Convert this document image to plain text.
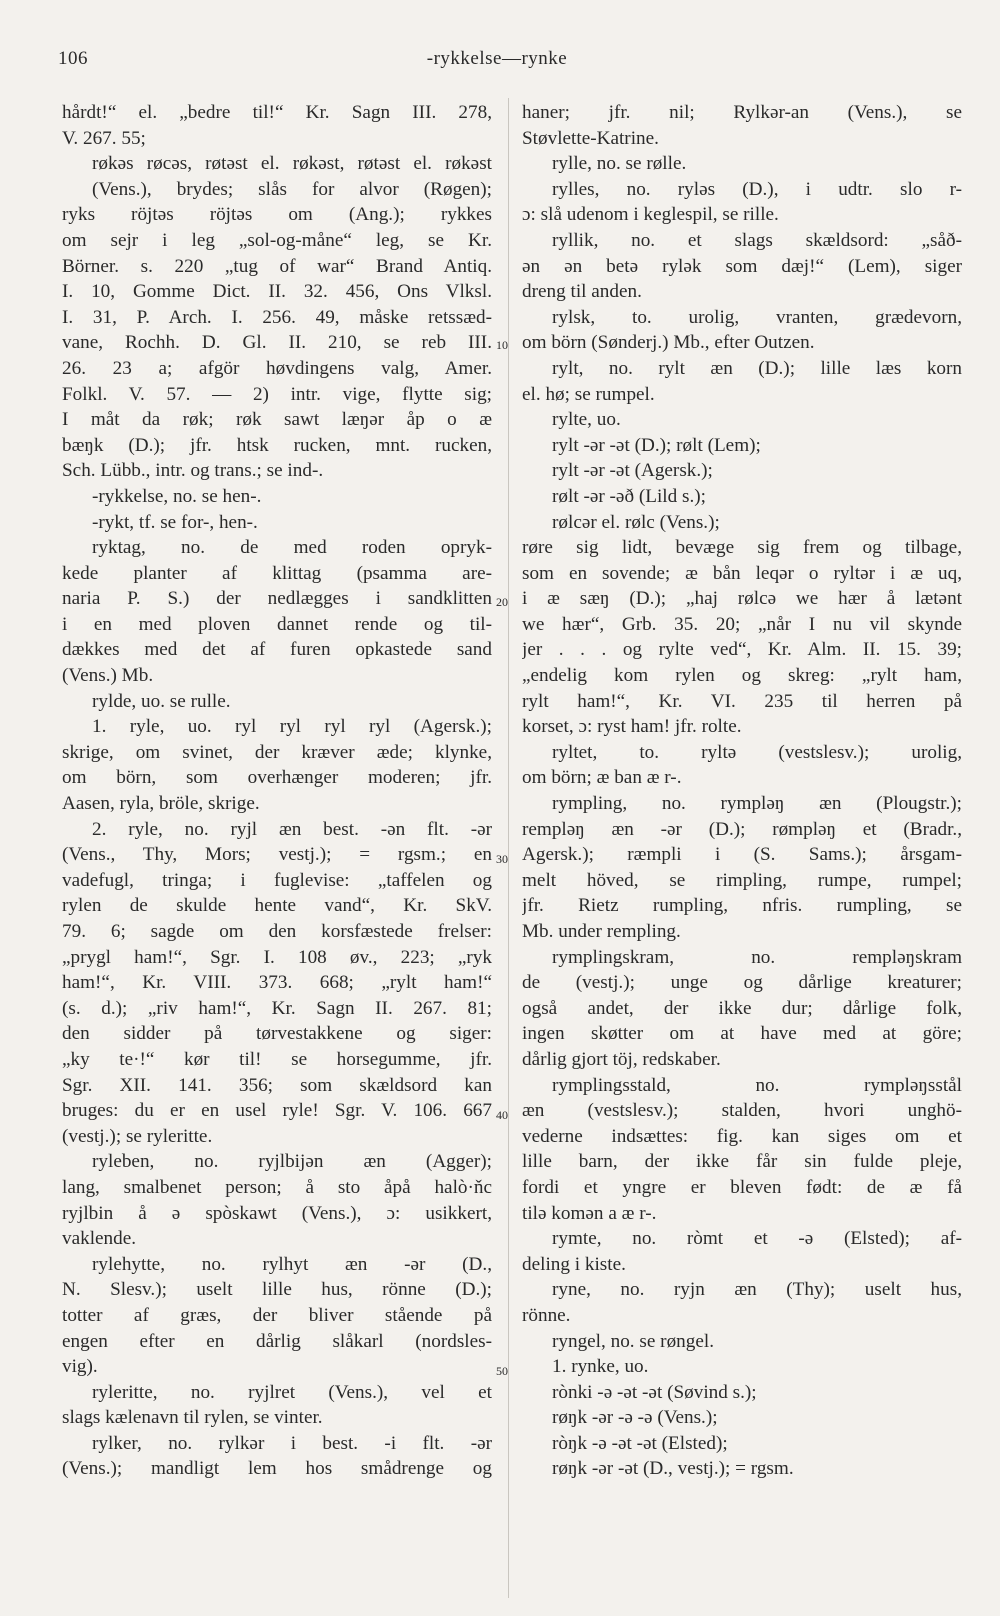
106	-rykkelse—rynke
10
20
30
40
50
hårdt!“ el. „bedre til!“ Kr. Sagn III. 278,
V. 267. 55;
røkəs røcəs, røtəst el. røkəst, røtəst el. røkəst
(Vens.), brydes; slås for alvor (Røgen);
ryks röjtəs röjtəs om (Ang.); rykkes
om sejr i leg „sol-og-måne“ leg, se Kr.
Börner. s. 220 „tug of war“ Brand Antiq.
I. 10, Gomme Dict. II. 32. 456, Ons Vlksl.
I. 31, P. Arch. I. 256. 49, måske retssæd-
vane, Rochh. D. Gl. II. 210, se reb III.
26. 23 a; afgör høvdingens valg, Amer.
Folkl. V. 57. — 2) intr. vige, flytte sig;
I måt da røk; røk sawt læŋər åp o æ
bæŋk (D.); jfr. htsk rucken, mnt. rucken,
Sch. Lübb., intr. og trans.; se ind-.
-rykkelse, no. se hen-.
-rykt, tf. se for-, hen-.
ryktag, no. de med roden opryk-
kede planter af klittag (psamma are-
naria P. S.) der nedlægges i sandklitten
i en med ploven dannet rende og til-
dækkes med det af furen opkastede sand
(Vens.) Mb.
rylde, uo. se rulle.
1. ryle, uo. ryl ryl ryl ryl (Agersk.);
skrige, om svinet, der kræver æde; klynke,
om börn, som overhænger moderen; jfr.
Aasen, ryla, bröle, skrige.
2. ryle, no. ryjl æn best. -ən flt. -ər
(Vens., Thy, Mors; vestj.); = rgsm.; en
vadefugl, tringa; i fuglevise: „taffelen og
rylen de skulde hente vand“, Kr. SkV.
79. 6; sagde om den korsfæstede frelser:
„prygl ham!“, Sgr. I. 108 øv., 223; „ryk
ham!“, Kr. VIII. 373. 668; „rylt ham!“
(s. d.); „riv ham!“, Kr. Sagn II. 267. 81;
den sidder på tørvestakkene og siger:
„ky te·!“ kør til! se horsegumme, jfr.
Sgr. XII. 141. 356; som skældsord kan
bruges: du er en usel ryle! Sgr. V. 106. 667
(vestj.); se ryleritte.
ryleben, no. ryjlbijən æn (Agger);
lang, smalbenet person; å sto åpå halò·ňc
ryjlbin å ə spòskawt (Vens.), ɔ: usikkert,
vaklende.
rylehytte, no. rylhyt æn -ər (D.,
N. Slesv.); uselt lille hus, rönne (D.);
totter af græs, der bliver stående på
engen efter en dårlig slåkarl (nordsles-
vig).
ryleritte, no. ryjlret (Vens.), vel et
slags kælenavn til rylen, se vinter.
rylker, no. rylkər i best. -i flt. -ər
(Vens.); mandligt lem hos smådrenge og
haner; jfr. nil; Rylkər-an (Vens.), se
Støvlette-Katrine.
rylle, no. se rølle.
rylles, no. ryləs (D.), i udtr. slo r-
ɔ: slå udenom i keglespil, se rille.
ryllik, no. et slags skældsord: „såð-
ən ən betə rylək som dæj!“ (Lem), siger
dreng til anden.
rylsk, to. urolig, vranten, grædevorn,
om börn (Sønderj.) Mb., efter Outzen.
rylt, no. rylt æn (D.); lille læs korn
el. hø; se rumpel.
rylte, uo.
rylt -ər -ət (D.); rølt (Lem);
rylt -ər -ət (Agersk.);
rølt -ər -əð (Lild s.);
rølcər el. rølc (Vens.);
røre sig lidt, bevæge sig frem og tilbage,
som en sovende; æ bån leqər o ryltər i æ uq,
i æ sæŋ (D.); „haj rølcə we hær å lætənt
we hær“, Grb. 35. 20; „når I nu vil skynde
jer . . . og rylte ved“, Kr. Alm. II. 15. 39;
„endelig kom rylen og skreg: „rylt ham,
rylt ham!“, Kr. VI. 235 til herren på
korset, ɔ: ryst ham! jfr. rolte.
ryltet, to. ryltə (vestslesv.); urolig,
om börn; æ ban æ r-.
rympling, no. rympləŋ æn (Plougstr.);
rempləŋ æn -ər (D.); rømpləŋ et (Bradr.,
Agersk.); ræmpli i (S. Sams.); årsgam-
melt höved, se rimpling, rumpe, rumpel;
jfr. Rietz rumpling, nfris. rumpling, se
Mb. under rempling.
rymplingskram, no. rempləŋskram
de (vestj.); unge og dårlige kreaturer;
også andet, der ikke dur; dårlige folk,
ingen skøtter om at have med at göre;
dårlig gjort töj, redskaber.
rymplingsstald, no. rympləŋsstål
æn (vestslesv.); stalden, hvori unghö-
vederne indsættes: fig. kan siges om et
lille barn, der ikke får sin fulde pleje,
fordi et yngre er bleven født: de æ få
tilə komən a æ r-.
rymte, no. ròmt et -ə (Elsted); af-
deling i kiste.
ryne, no. ryjn æn (Thy); uselt hus,
rönne.
ryngel, no. se røngel.
1. rynke, uo.
rònki -ə -ət -ət (Søvind s.);
røŋk -ər -ə -ə (Vens.);
ròŋk -ə -ət -ət (Elsted);
røŋk -ər -ət (D., vestj.); = rgsm.
